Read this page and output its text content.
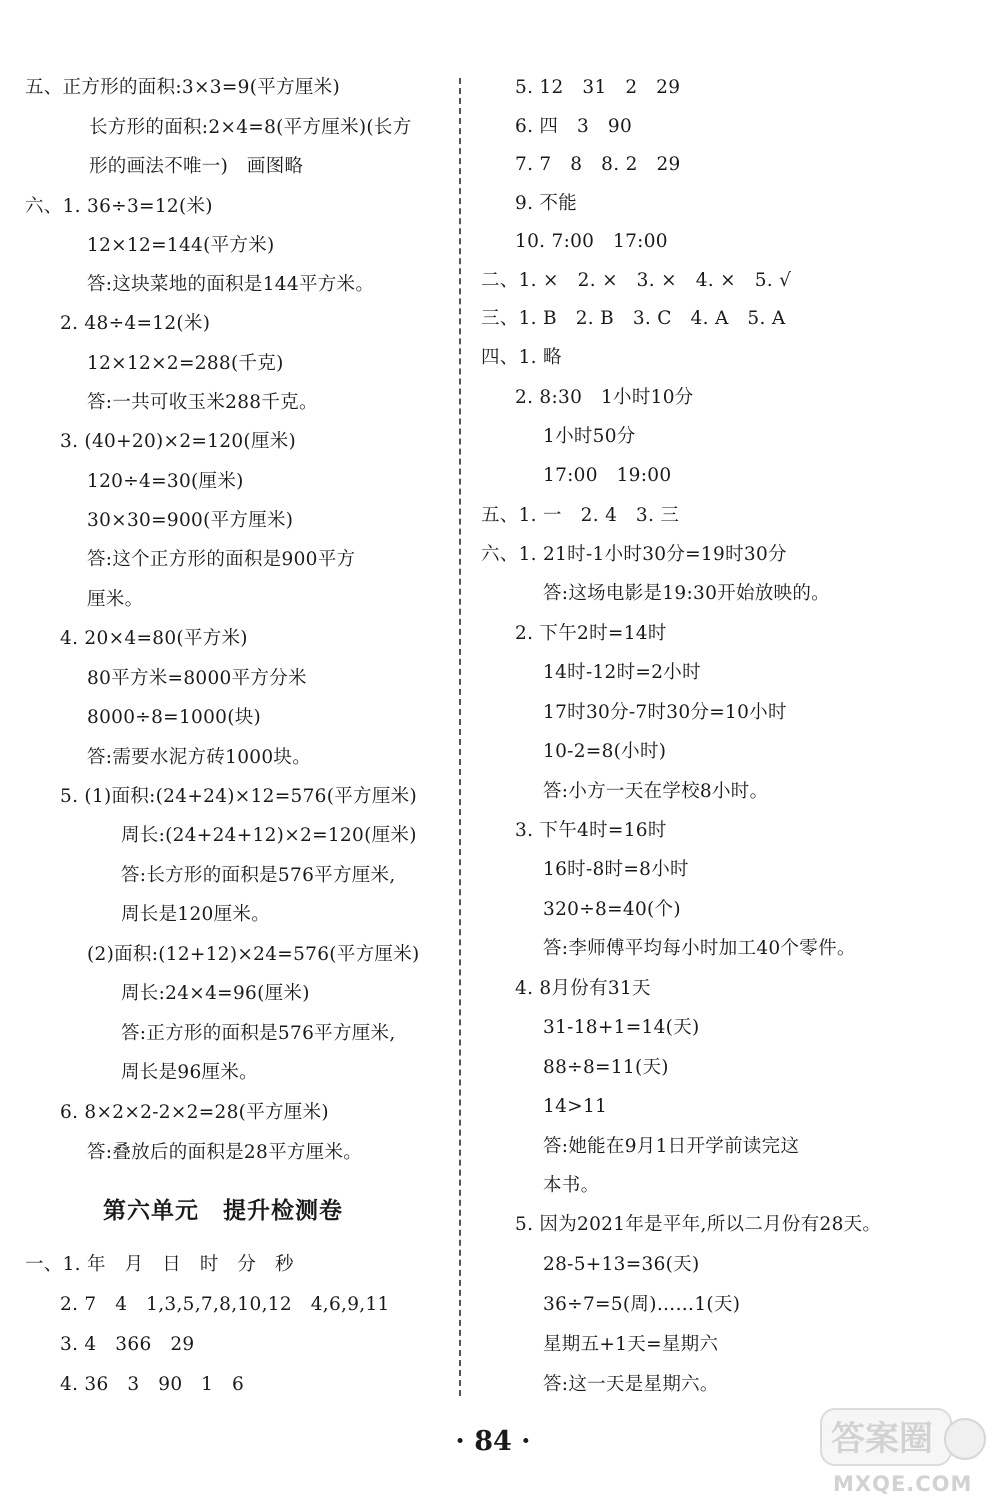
五、正方形的面积:3×3=9(平方厘米)
长方形的面积:2×4=8(平方厘米)(长方
形的画法不唯一)　画图略
六、1. 36÷3=12(米)
12×12=144(平方米)
答:这块菜地的面积是144平方米。
2. 48÷4=12(米)
12×12×2=288(千克)
答:一共可收玉米288千克。
3. (40+20)×2=120(厘米)
120÷4=30(厘米)
30×30=900(平方厘米)
答:这个正方形的面积是900平方
厘米。
4. 20×4=80(平方米)
80平方米=8000平方分米
8000÷8=1000(块)
答:需要水泥方砖1000块。
5. (1)面积:(24+24)×12=576(平方厘米)
周长:(24+24+12)×2=120(厘米)
答:长方形的面积是576平方厘米,
周长是120厘米。
(2)面积:(12+12)×24=576(平方厘米)
周长:24×4=96(厘米)
答:正方形的面积是576平方厘米,
周长是96厘米。
6. 8×2×2-2×2=28(平方厘米)
答:叠放后的面积是28平方厘米。
第六单元　提升检测卷
一、1. 年　月　日　时　分　秒
2. 7　4　1,3,5,7,8,10,12　4,6,9,11
3. 4　366　29
4. 36　3　90　1　6
5. 12　31　2　29
6. 四　3　90
7. 7　8　8. 2　29
9. 不能
10. 7:00　17:00
二、1. ×　2. ×　3. ×　4. ×　5. √
三、1. B　2. B　3. C　4. A　5. A
四、1. 略
2. 8:30　1小时10分
1小时50分
17:00　19:00
五、1. 一　2. 4　3. 三
六、1. 21时-1小时30分=19时30分
答:这场电影是19:30开始放映的。
2. 下午2时=14时
14时-12时=2小时
17时30分-7时30分=10小时
10-2=8(小时)
答:小方一天在学校8小时。
3. 下午4时=16时
16时-8时=8小时
320÷8=40(个)
答:李师傅平均每小时加工40个零件。
4. 8月份有31天
31-18+1=14(天)
88÷8=11(天)
14>11
答:她能在9月1日开学前读完这
本书。
5. 因为2021年是平年,所以二月份有28天。
28-5+13=36(天)
36÷7=5(周)……1(天)
星期五+1天=星期六
答:这一天是星期六。
· 84 ·	答案圈
MXQE.COM
